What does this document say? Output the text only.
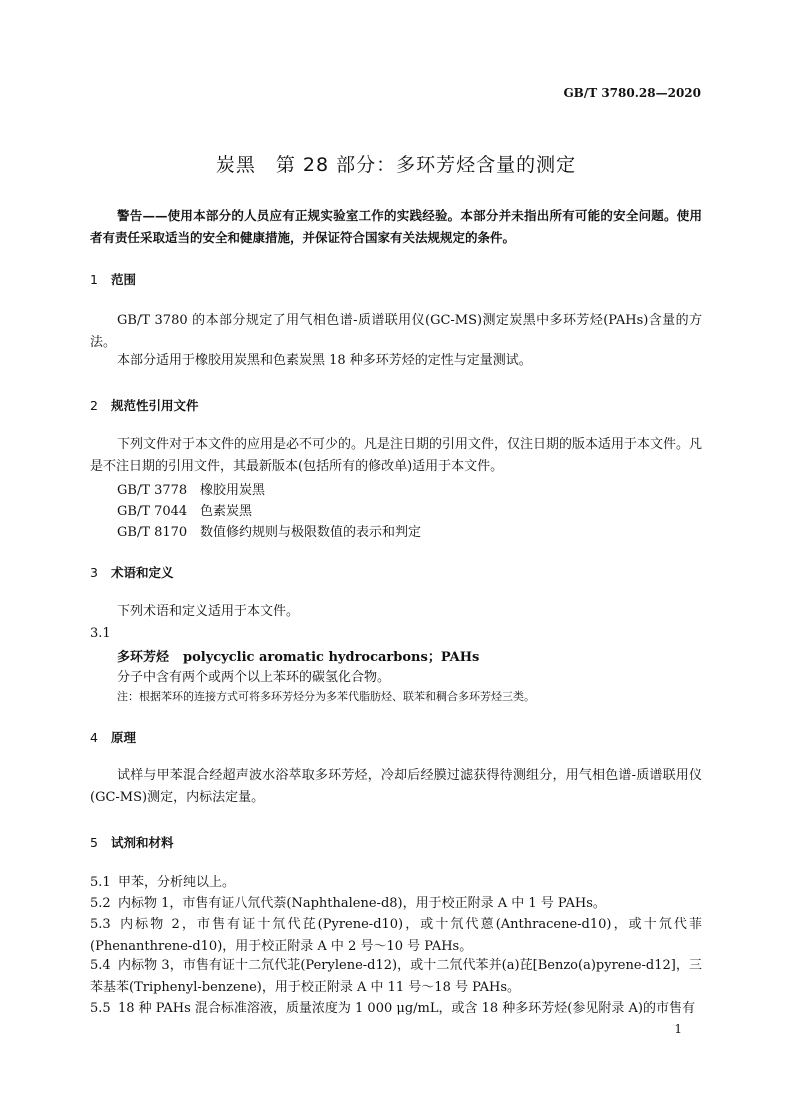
GB/T 3780.28—2020
炭黑　第 28 部分：多环芳烃含量的测定
警告——使用本部分的人员应有正规实验室工作的实践经验。本部分并未指出所有可能的安全问题。使用者有责任采取适当的安全和健康措施，并保证符合国家有关法规规定的条件。
1 范围
GB/T 3780 的本部分规定了用气相色谱-质谱联用仪(GC-MS)测定炭黑中多环芳烃(PAHs)含量的方法。
本部分适用于橡胶用炭黑和色素炭黑 18 种多环芳烃的定性与定量测试。
2 规范性引用文件
下列文件对于本文件的应用是必不可少的。凡是注日期的引用文件，仅注日期的版本适用于本文件。凡是不注日期的引用文件，其最新版本(包括所有的修改单)适用于本文件。
GB/T 3778 橡胶用炭黑
GB/T 7044 色素炭黑
GB/T 8170 数值修约规则与极限数值的表示和判定
3 术语和定义
下列术语和定义适用于本文件。
3.1
多环芳烃 polycyclic aromatic hydrocarbons；PAHs
分子中含有两个或两个以上苯环的碳氢化合物。
注：根据苯环的连接方式可将多环芳烃分为多苯代脂肪烃、联苯和稠合多环芳烃三类。
4 原理
试样与甲苯混合经超声波水浴萃取多环芳烃，冷却后经膜过滤获得待测组分，用气相色谱-质谱联用仪(GC-MS)测定，内标法定量。
5 试剂和材料
5.1 甲苯，分析纯以上。
5.2 内标物 1，市售有证八氘代萘(Naphthalene-d8)，用于校正附录 A 中 1 号 PAHs。
5.3 内标物 2，市售有证十氘代芘(Pyrene-d10)，或十氘代蒽(Anthracene-d10)，或十氘代菲(Phenanthrene-d10)，用于校正附录 A 中 2 号～10 号 PAHs。
5.4 内标物 3，市售有证十二氘代苝(Perylene-d12)，或十二氘代苯并(a)芘[Benzo(a)pyrene-d12]，三苯基苯(Triphenyl-benzene)，用于校正附录 A 中 11 号～18 号 PAHs。
5.5 18 种 PAHs 混合标准溶液，质量浓度为 1 000 μg/mL，或含 18 种多环芳烃(参见附录 A)的市售有
1
